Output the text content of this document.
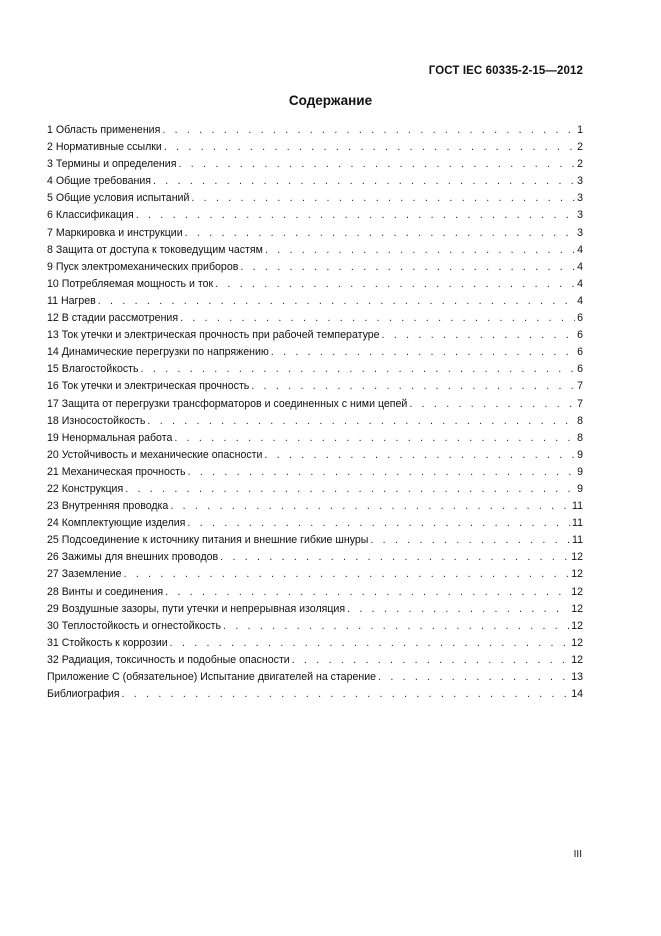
ГОСТ IEC 60335-2-15—2012
Содержание
1 Область применения . . .	1
2 Нормативные ссылки . . .	2
3 Термины и определения . . .	2
4 Общие требования . . .	3
5 Общие условия испытаний . . .	3
6 Классификация . . .	3
7 Маркировка и инструкции . . .	3
8 Защита от доступа к токоведущим частям . . .	4
9 Пуск электромеханических приборов . . .	4
10 Потребляемая мощность и ток . . .	4
11 Нагрев . . .	4
12 В стадии рассмотрения . . .	6
13 Ток утечки и электрическая прочность при рабочей температуре . . .	6
14 Динамические перегрузки по напряжению . . .	6
15 Влагостойкость . . .	6
16 Ток утечки и электрическая прочность . . .	7
17 Защита от перегрузки трансформаторов и соединенных с ними цепей . . .	7
18 Износостойкость . . .	8
19 Ненормальная работа . . .	8
20 Устойчивость и механические опасности . . .	9
21 Механическая прочность . . .	9
22 Конструкция . . .	9
23 Внутренняя проводка . . .	11
24 Комплектующие изделия . . .	11
25 Подсоединение к источнику питания и внешние гибкие шнуры . . .	11
26 Зажимы для внешних проводов . . .	12
27 Заземление . . .	12
28 Винты и соединения . . .	12
29 Воздушные зазоры, пути утечки и непрерывная изоляция . . .	12
30 Теплостойкость и огнестойкость . . .	12
31 Стойкость к коррозии . . .	12
32 Радиация, токсичность и подобные опасности . . .	12
Приложение С (обязательное) Испытание двигателей на старение . . .	13
Библиография . . .	14
III
